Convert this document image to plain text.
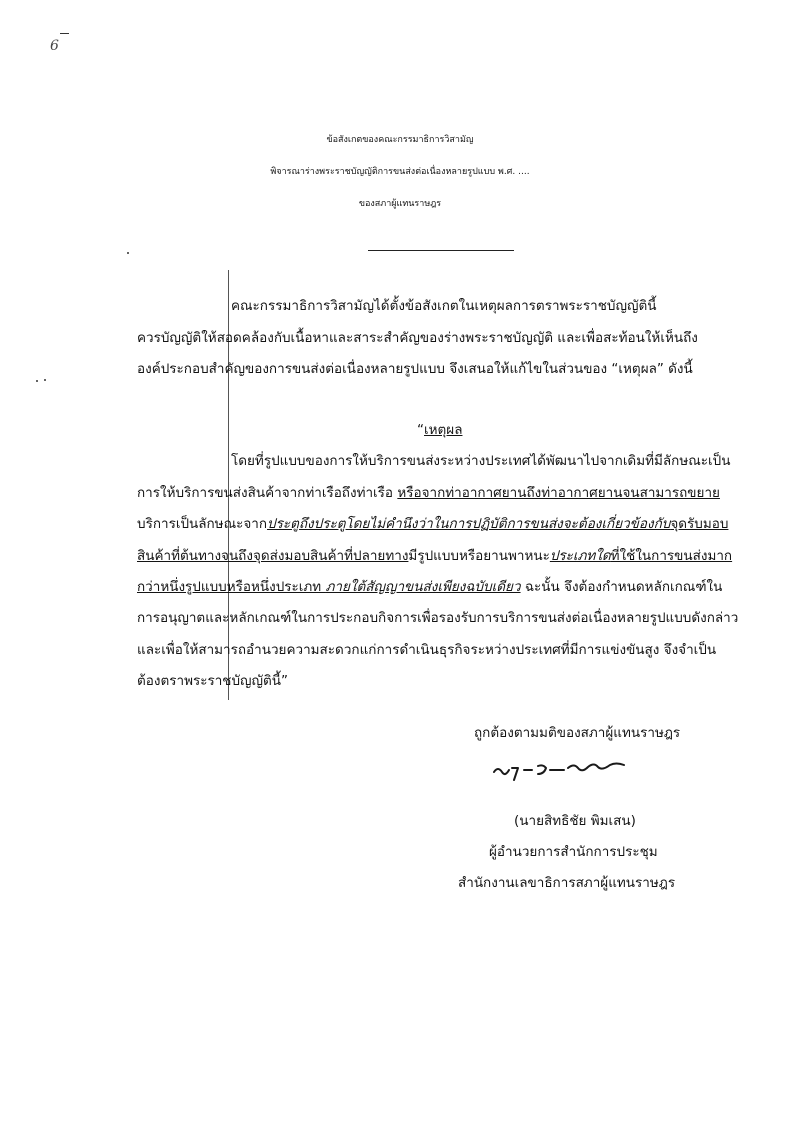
6
ข้อสังเกตของคณะกรรมาธิการวิสามัญ
พิจารณาร่างพระราชบัญญัติการขนส่งต่อเนื่องหลายรูปแบบ พ.ศ. ....
ของสภาผู้แทนราษฎร
คณะกรรมาธิการวิสามัญได้ตั้งข้อสังเกตในเหตุผลการตราพระราชบัญญัตินี้
ควรบัญญัติให้สอดคล้องกับเนื้อหาและสาระสำคัญของร่างพระราชบัญญัติ และเพื่อสะท้อนให้เห็นถึง
องค์ประกอบสำคัญของการขนส่งต่อเนื่องหลายรูปแบบ จึงเสนอให้แก้ไขในส่วนของ “เหตุผล” ดังนี้
“เหตุผล
โดยที่รูปแบบของการให้บริการขนส่งระหว่างประเทศได้พัฒนาไปจากเดิมที่มีลักษณะเป็น
การให้บริการขนส่งสินค้าจากท่าเรือถึงท่าเรือ หรือจากท่าอากาศยานถึงท่าอากาศยานจนสามารถขยาย
บริการเป็นลักษณะจากประตูถึงประตูโดยไม่คำนึงว่าในการปฏิบัติการขนส่งจะต้องเกี่ยวข้องกับจุดรับมอบ
สินค้าที่ต้นทางจนถึงจุดส่งมอบสินค้าที่ปลายทางมีรูปแบบหรือยานพาหนะประเภทใดที่ใช้ในการขนส่งมาก
กว่าหนึ่งรูปแบบหรือหนึ่งประเภท ภายใต้สัญญาขนส่งเพียงฉบับเดียว ฉะนั้น จึงต้องกำหนดหลักเกณฑ์ใน
การอนุญาตและหลักเกณฑ์ในการประกอบกิจการเพื่อรองรับการบริการขนส่งต่อเนื่องหลายรูปแบบดังกล่าว
และเพื่อให้สามารถอำนวยความสะดวกแก่การดำเนินธุรกิจระหว่างประเทศที่มีการแข่งขันสูง จึงจำเป็น
ต้องตราพระราชบัญญัตินี้”
ถูกต้องตามมติของสภาผู้แทนราษฎร
(นายสิทธิชัย พิมเสน)
ผู้อำนวยการสำนักการประชุม
สำนักงานเลขาธิการสภาผู้แทนราษฎร
